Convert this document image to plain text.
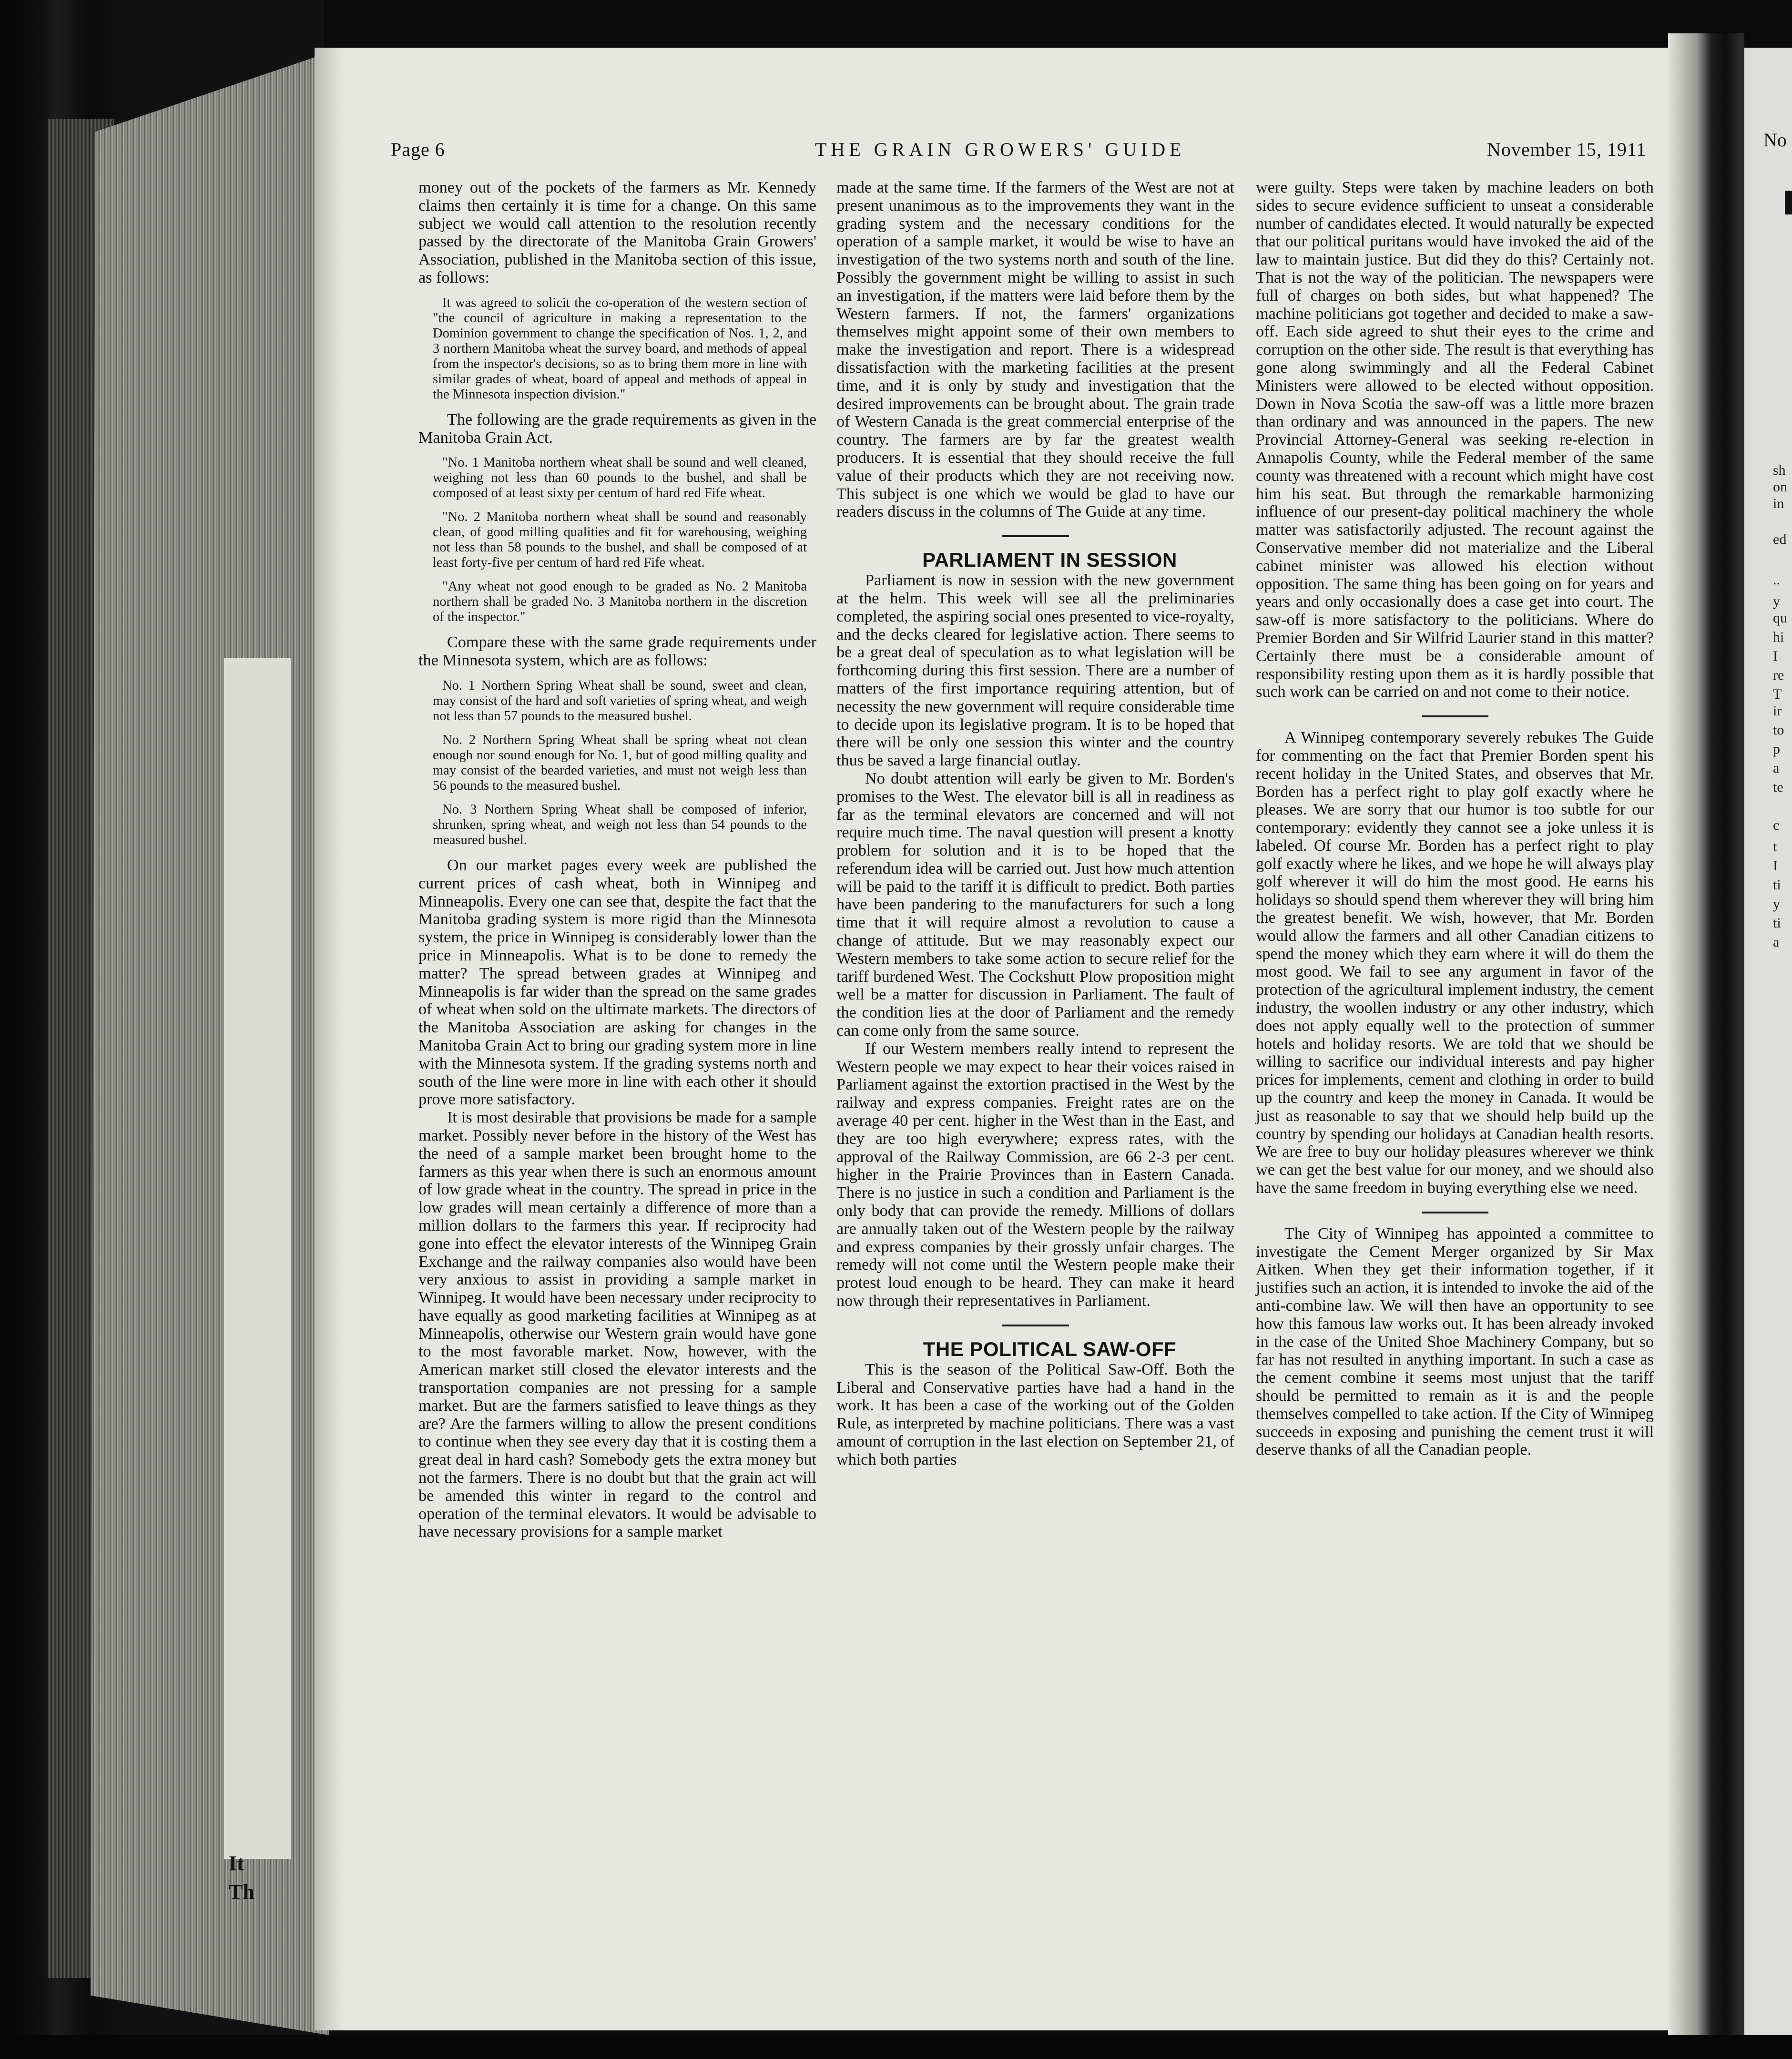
It
Th
Page 6	THE GRAIN GROWERS' GUIDE	November 15, 1911

money out of the pockets of the farmers as Mr. Kennedy claims then certainly it is time for a change. On this same subject we would call attention to the resolution recently passed by the directorate of the Manitoba Grain Growers' Association, published in the Manitoba section of this issue, as follows:

It was agreed to solicit the co-operation of the western section of "the council of agriculture in making a representation to the Dominion government to change the specification of Nos. 1, 2, and 3 northern Manitoba wheat the survey board, and methods of appeal from the inspector's decisions, so as to bring them more in line with similar grades of wheat, board of appeal and methods of appeal in the Minnesota inspection division."

The following are the grade requirements as given in the Manitoba Grain Act.

"No. 1 Manitoba northern wheat shall be sound and well cleaned, weighing not less than 60 pounds to the bushel, and shall be composed of at least sixty per centum of hard red Fife wheat.

"No. 2 Manitoba northern wheat shall be sound and reasonably clean, of good milling qualities and fit for warehousing, weighing not less than 58 pounds to the bushel, and shall be composed of at least forty-five per centum of hard red Fife wheat.

"Any wheat not good enough to be graded as No. 2 Manitoba northern shall be graded No. 3 Manitoba northern in the discretion of the inspector."

Compare these with the same grade requirements under the Minnesota system, which are as follows:

No. 1 Northern Spring Wheat shall be sound, sweet and clean, may consist of the hard and soft varieties of spring wheat, and weigh not less than 57 pounds to the measured bushel.

No. 2 Northern Spring Wheat shall be spring wheat not clean enough nor sound enough for No. 1, but of good milling quality and may consist of the bearded varieties, and must not weigh less than 56 pounds to the measured bushel.

No. 3 Northern Spring Wheat shall be composed of inferior, shrunken, spring wheat, and weigh not less than 54 pounds to the measured bushel.

On our market pages every week are published the current prices of cash wheat, both in Winnipeg and Minneapolis. Every one can see that, despite the fact that the Manitoba grading system is more rigid than the Minnesota system, the price in Winnipeg is considerably lower than the price in Minneapolis. What is to be done to remedy the matter? The spread between grades at Winnipeg and Minneapolis is far wider than the spread on the same grades of wheat when sold on the ultimate markets. The directors of the Manitoba Association are asking for changes in the Manitoba Grain Act to bring our grading system more in line with the Minnesota system. If the grading systems north and south of the line were more in line with each other it should prove more satisfactory.

It is most desirable that provisions be made for a sample market. Possibly never before in the history of the West has the need of a sample market been brought home to the farmers as this year when there is such an enormous amount of low grade wheat in the country. The spread in price in the low grades will mean certainly a difference of more than a million dollars to the farmers this year. If reciprocity had gone into effect the elevator interests of the Winnipeg Grain Exchange and the railway companies also would have been very anxious to assist in providing a sample market in Winnipeg. It would have been necessary under reciprocity to have equally as good marketing facilities at Winnipeg as at Minneapolis, otherwise our Western grain would have gone to the most favorable market. Now, however, with the American market still closed the elevator interests and the transportation companies are not pressing for a sample market. But are the farmers satisfied to leave things as they are? Are the farmers willing to allow the present conditions to continue when they see every day that it is costing them a great deal in hard cash? Somebody gets the extra money but not the farmers. There is no doubt but that the grain act will be amended this winter in regard to the control and operation of the terminal elevators. It would be advisable to have necessary provisions for a sample market

made at the same time. If the farmers of the West are not at present unanimous as to the improvements they want in the grading system and the necessary conditions for the operation of a sample market, it would be wise to have an investigation of the two systems north and south of the line. Possibly the government might be willing to assist in such an investigation, if the matters were laid before them by the Western farmers. If not, the farmers' organizations themselves might appoint some of their own members to make the investigation and report. There is a widespread dissatisfaction with the marketing facilities at the present time, and it is only by study and investigation that the desired improvements can be brought about. The grain trade of Western Canada is the great commercial enterprise of the country. The farmers are by far the greatest wealth producers. It is essential that they should receive the full value of their products which they are not receiving now. This subject is one which we would be glad to have our readers discuss in the columns of The Guide at any time.

PARLIAMENT IN SESSION

Parliament is now in session with the new government at the helm. This week will see all the preliminaries completed, the aspiring social ones presented to vice-royalty, and the decks cleared for legislative action. There seems to be a great deal of speculation as to what legislation will be forthcoming during this first session. There are a number of matters of the first importance requiring attention, but of necessity the new government will require considerable time to decide upon its legislative program. It is to be hoped that there will be only one session this winter and the country thus be saved a large financial outlay.

No doubt attention will early be given to Mr. Borden's promises to the West. The elevator bill is all in readiness as far as the terminal elevators are concerned and will not require much time. The naval question will present a knotty problem for solution and it is to be hoped that the referendum idea will be carried out. Just how much attention will be paid to the tariff it is difficult to predict. Both parties have been pandering to the manufacturers for such a long time that it will require almost a revolution to cause a change of attitude. But we may reasonably expect our Western members to take some action to secure relief for the tariff burdened West. The Cockshutt Plow proposition might well be a matter for discussion in Parliament. The fault of the condition lies at the door of Parliament and the remedy can come only from the same source.

If our Western members really intend to represent the Western people we may expect to hear their voices raised in Parliament against the extortion practised in the West by the railway and express companies. Freight rates are on the average 40 per cent. higher in the West than in the East, and they are too high everywhere; express rates, with the approval of the Railway Commission, are 66 2-3 per cent. higher in the Prairie Provinces than in Eastern Canada. There is no justice in such a condition and Parliament is the only body that can provide the remedy. Millions of dollars are annually taken out of the Western people by the railway and express companies by their grossly unfair charges. The remedy will not come until the Western people make their protest loud enough to be heard. They can make it heard now through their representatives in Parliament.

THE POLITICAL SAW-OFF

This is the season of the Political Saw-Off. Both the Liberal and Conservative parties have had a hand in the work. It has been a case of the working out of the Golden Rule, as interpreted by machine politicians. There was a vast amount of corruption in the last election on September 21, of which both parties

were guilty. Steps were taken by machine leaders on both sides to secure evidence sufficient to unseat a considerable number of candidates elected. It would naturally be expected that our political puritans would have invoked the aid of the law to maintain justice. But did they do this? Certainly not. That is not the way of the politician. The newspapers were full of charges on both sides, but what happened? The machine politicians got together and decided to make a saw-off. Each side agreed to shut their eyes to the crime and corruption on the other side. The result is that everything has gone along swimmingly and all the Federal Cabinet Ministers were allowed to be elected without opposition. Down in Nova Scotia the saw-off was a little more brazen than ordinary and was announced in the papers. The new Provincial Attorney-General was seeking re-election in Annapolis County, while the Federal member of the same county was threatened with a recount which might have cost him his seat. But through the remarkable harmonizing influence of our present-day political machinery the whole matter was satisfactorily adjusted. The recount against the Conservative member did not materialize and the Liberal cabinet minister was allowed his election without opposition. The same thing has been going on for years and years and only occasionally does a case get into court. The saw-off is more satisfactory to the politicians. Where do Premier Borden and Sir Wilfrid Laurier stand in this matter? Certainly there must be a considerable amount of responsibility resting upon them as it is hardly possible that such work can be carried on and not come to their notice.

A Winnipeg contemporary severely rebukes The Guide for commenting on the fact that Premier Borden spent his recent holiday in the United States, and observes that Mr. Borden has a perfect right to play golf exactly where he pleases. We are sorry that our humor is too subtle for our contemporary: evidently they cannot see a joke unless it is labeled. Of course Mr. Borden has a perfect right to play golf exactly where he likes, and we hope he will always play golf wherever it will do him the most good. He earns his holidays so should spend them wherever they will bring him the greatest benefit. We wish, however, that Mr. Borden would allow the farmers and all other Canadian citizens to spend the money which they earn where it will do them the most good. We fail to see any argument in favor of the protection of the agricultural implement industry, the cement industry, the woollen industry or any other industry, which does not apply equally well to the protection of summer hotels and holiday resorts. We are told that we should be willing to sacrifice our individual interests and pay higher prices for implements, cement and clothing in order to build up the country and keep the money in Canada. It would be just as reasonable to say that we should help build up the country by spending our holidays at Canadian health resorts. We are free to buy our holiday pleasures wherever we think we can get the best value for our money, and we should also have the same freedom in buying everything else we need.

The City of Winnipeg has appointed a committee to investigate the Cement Merger organized by Sir Max Aitken. When they get their information together, if it justifies such an action, it is intended to invoke the aid of the anti-combine law. We will then have an opportunity to see how this famous law works out. It has been already invoked in the case of the United Shoe Machinery Company, but so far has not resulted in anything important. In such a case as the cement combine it seems most unjust that the tariff should be permitted to remain as it is and the people themselves compelled to take action. If the City of Winnipeg succeeds in exposing and punishing the cement trust it will deserve thanks of all the Canadian people.

No
sh
on
in
ed
..
y
qu
hi
I
re
T
ir
to
p
a
te
c
t
I
ti
y
ti
a
